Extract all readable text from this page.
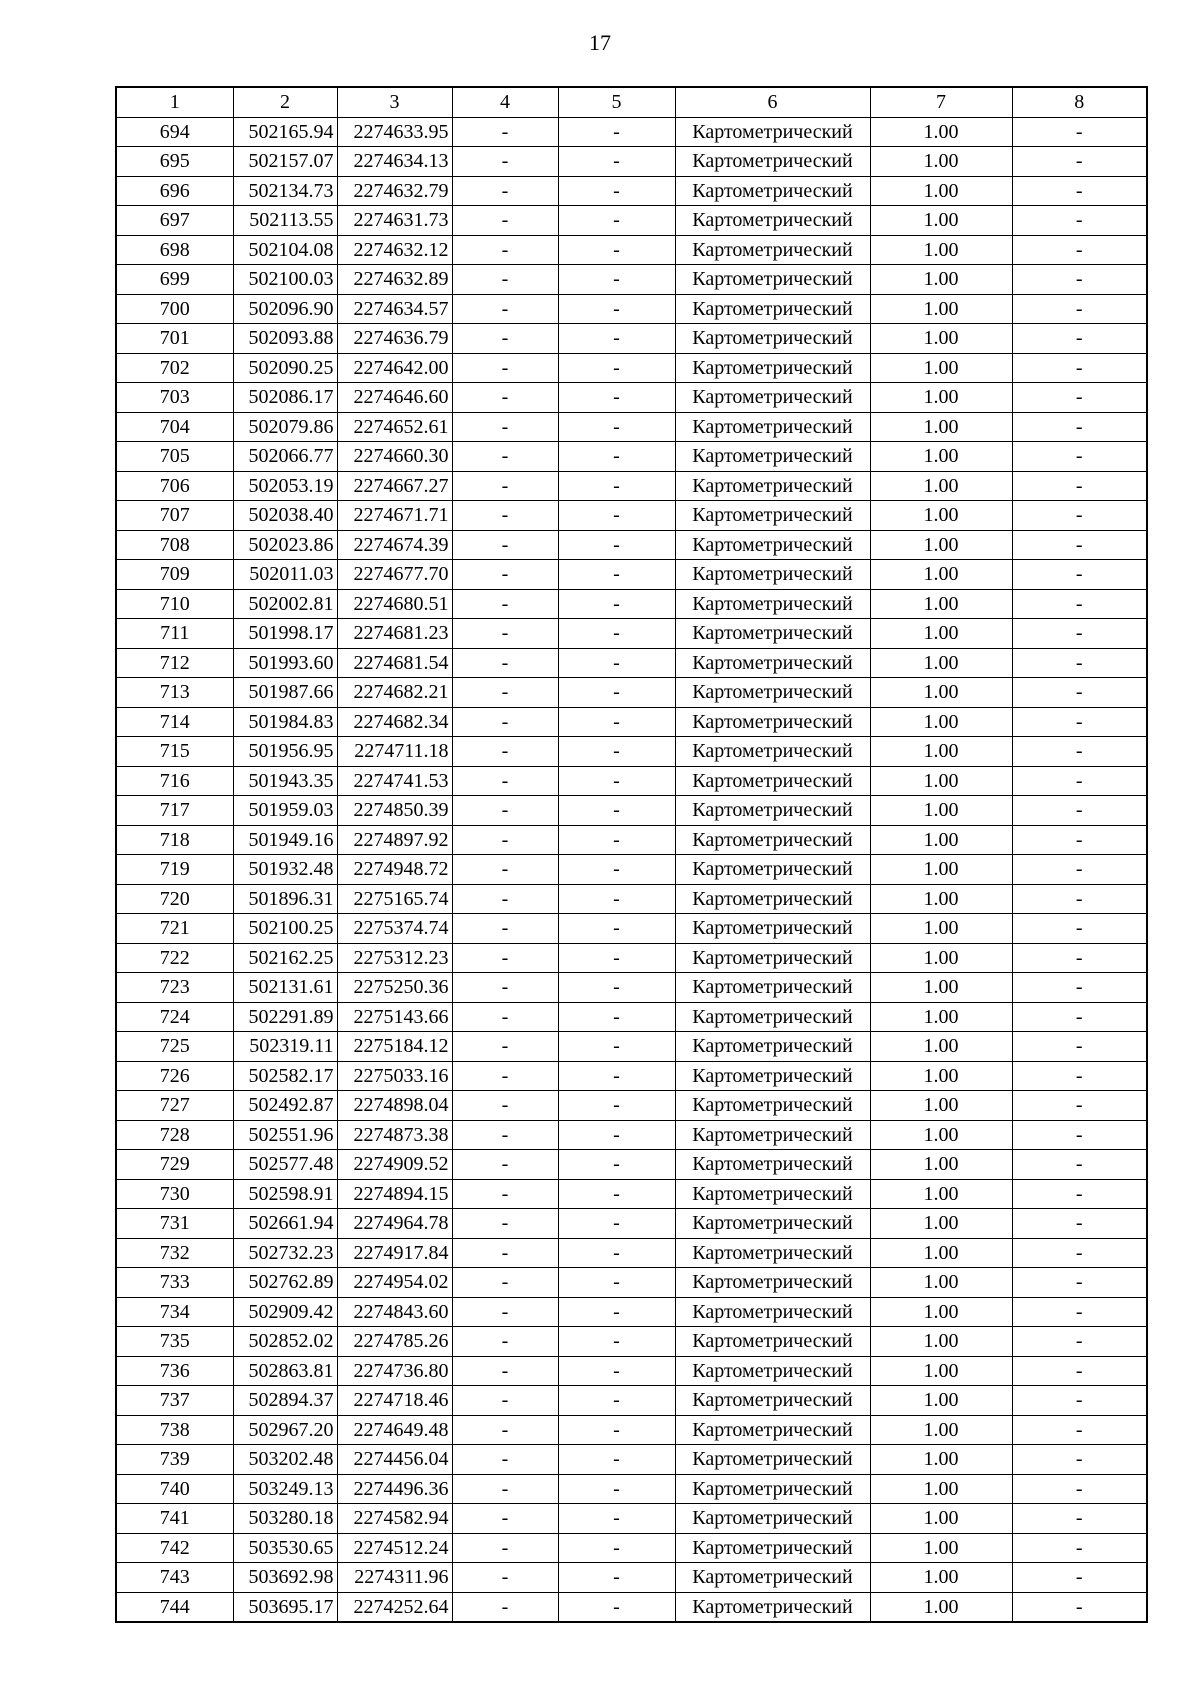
17
1	2	3	4	5	6	7	8
694	502165.94	2274633.95	-	-	Картометрический	1.00	-
695	502157.07	2274634.13	-	-	Картометрический	1.00	-
696	502134.73	2274632.79	-	-	Картометрический	1.00	-
697	502113.55	2274631.73	-	-	Картометрический	1.00	-
698	502104.08	2274632.12	-	-	Картометрический	1.00	-
699	502100.03	2274632.89	-	-	Картометрический	1.00	-
700	502096.90	2274634.57	-	-	Картометрический	1.00	-
701	502093.88	2274636.79	-	-	Картометрический	1.00	-
702	502090.25	2274642.00	-	-	Картометрический	1.00	-
703	502086.17	2274646.60	-	-	Картометрический	1.00	-
704	502079.86	2274652.61	-	-	Картометрический	1.00	-
705	502066.77	2274660.30	-	-	Картометрический	1.00	-
706	502053.19	2274667.27	-	-	Картометрический	1.00	-
707	502038.40	2274671.71	-	-	Картометрический	1.00	-
708	502023.86	2274674.39	-	-	Картометрический	1.00	-
709	502011.03	2274677.70	-	-	Картометрический	1.00	-
710	502002.81	2274680.51	-	-	Картометрический	1.00	-
711	501998.17	2274681.23	-	-	Картометрический	1.00	-
712	501993.60	2274681.54	-	-	Картометрический	1.00	-
713	501987.66	2274682.21	-	-	Картометрический	1.00	-
714	501984.83	2274682.34	-	-	Картометрический	1.00	-
715	501956.95	2274711.18	-	-	Картометрический	1.00	-
716	501943.35	2274741.53	-	-	Картометрический	1.00	-
717	501959.03	2274850.39	-	-	Картометрический	1.00	-
718	501949.16	2274897.92	-	-	Картометрический	1.00	-
719	501932.48	2274948.72	-	-	Картометрический	1.00	-
720	501896.31	2275165.74	-	-	Картометрический	1.00	-
721	502100.25	2275374.74	-	-	Картометрический	1.00	-
722	502162.25	2275312.23	-	-	Картометрический	1.00	-
723	502131.61	2275250.36	-	-	Картометрический	1.00	-
724	502291.89	2275143.66	-	-	Картометрический	1.00	-
725	502319.11	2275184.12	-	-	Картометрический	1.00	-
726	502582.17	2275033.16	-	-	Картометрический	1.00	-
727	502492.87	2274898.04	-	-	Картометрический	1.00	-
728	502551.96	2274873.38	-	-	Картометрический	1.00	-
729	502577.48	2274909.52	-	-	Картометрический	1.00	-
730	502598.91	2274894.15	-	-	Картометрический	1.00	-
731	502661.94	2274964.78	-	-	Картометрический	1.00	-
732	502732.23	2274917.84	-	-	Картометрический	1.00	-
733	502762.89	2274954.02	-	-	Картометрический	1.00	-
734	502909.42	2274843.60	-	-	Картометрический	1.00	-
735	502852.02	2274785.26	-	-	Картометрический	1.00	-
736	502863.81	2274736.80	-	-	Картометрический	1.00	-
737	502894.37	2274718.46	-	-	Картометрический	1.00	-
738	502967.20	2274649.48	-	-	Картометрический	1.00	-
739	503202.48	2274456.04	-	-	Картометрический	1.00	-
740	503249.13	2274496.36	-	-	Картометрический	1.00	-
741	503280.18	2274582.94	-	-	Картометрический	1.00	-
742	503530.65	2274512.24	-	-	Картометрический	1.00	-
743	503692.98	2274311.96	-	-	Картометрический	1.00	-
744	503695.17	2274252.64	-	-	Картометрический	1.00	-
